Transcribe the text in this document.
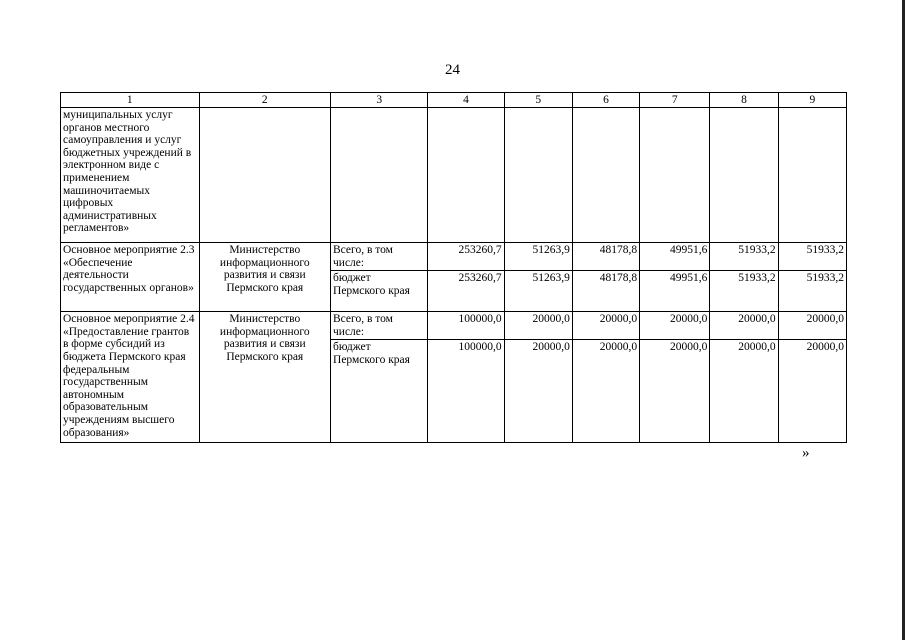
24
1	2	3	4	5	6	7	8	9
муниципальных услуг органов местного самоуправления и услуг бюджетных учреждений в электронном виде с применением машиночитаемых цифровых административных регламентов»								
Основное мероприятие 2.3 «Обеспечение деятельности государственных органов»	Министерство информационного развития и связи Пермского края	Всего, в том числе:	253260,7	51263,9	48178,8	49951,6	51933,2	51933,2
		бюджет Пермского края	253260,7	51263,9	48178,8	49951,6	51933,2	51933,2
Основное мероприятие 2.4 «Предоставление грантов в форме субсидий из бюджета Пермского края федеральным государственным автономным образовательным учреждениям высшего образования»	Министерство информационного развития и связи Пермского края	Всего, в том числе:	100000,0	20000,0	20000,0	20000,0	20000,0	20000,0
		бюджет Пермского края	100000,0	20000,0	20000,0	20000,0	20000,0	20000,0
»
